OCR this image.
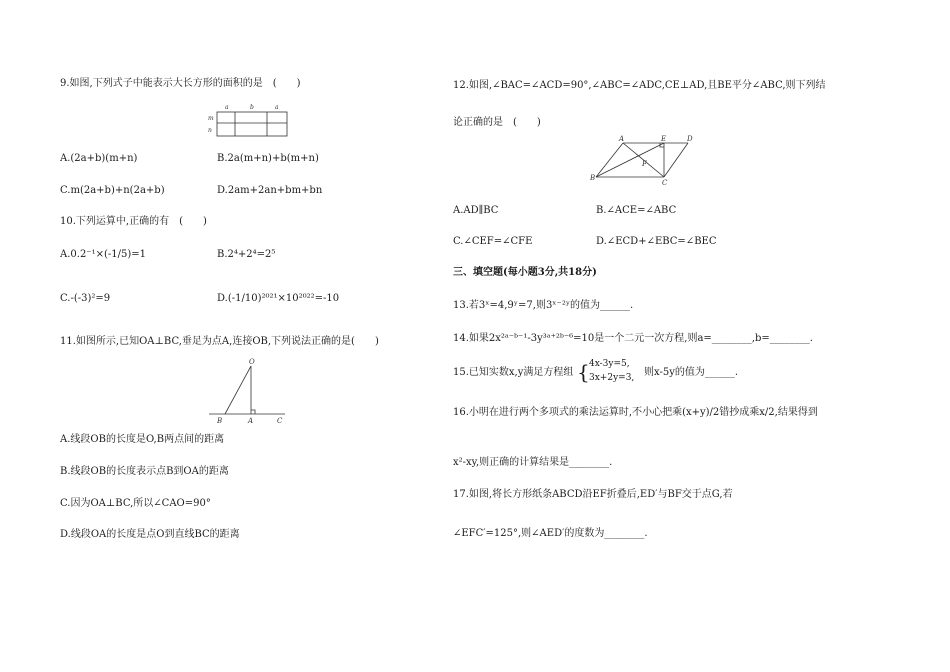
9.如图,下列式子中能表示大长方形的面积的是　(　　)
a	b	a
m
n
A.(2a+b)(m+n)	B.2a(m+n)+b(m+n)
C.m(2a+b)+n(2a+b)	D.2am+2an+bm+bn
10.下列运算中,正确的有　(　　)
A.0.2⁻¹×(-1/5)=1	B.2⁴+2⁴=2⁵
C.-(-3)²=9	D.(-1/10)²⁰²¹×10²⁰²²=-10
11.如图所示,已知OA⊥BC,垂足为点A,连接OB,下列说法正确的是(　　)
O
B	A	C
A.线段OB的长度是O,B两点间的距离
B.线段OB的长度表示点B到OA的距离
C.因为OA⊥BC,所以∠CAO=90°
D.线段OA的长度是点O到直线BC的距离
12.如图,∠BAC=∠ACD=90°,∠ABC=∠ADC,CE⊥AD,且BE平分∠ABC,则下列结
论正确的是　(　　)
A	E	D
F
B
C
A.AD∥BC	B.∠ACE=∠ABC
C.∠CEF=∠CFE	D.∠ECD+∠EBC=∠BEC
三、填空题(每小题3分,共18分)
13.若3ˣ=4,9ʸ=7,则3ˣ⁻²ʸ的值为______.
14.如果2x²ᵃ⁻ᵇ⁻¹-3y³ᵃ⁺²ᵇ⁻⁶=10是一个二元一次方程,则a=________,b=________.
15.已知实数x,y满足方程组 { 4x-3y=5,
3x+2y=3, 则x-5y的值为______.
16.小明在进行两个多项式的乘法运算时,不小心把乘(x+y)/2错抄成乘x/2,结果得到
x²-xy,则正确的计算结果是________.
17.如图,将长方形纸条ABCD沿EF折叠后,ED′与BF交于点G,若
∠EFC′=125°,则∠AED′的度数为________.
